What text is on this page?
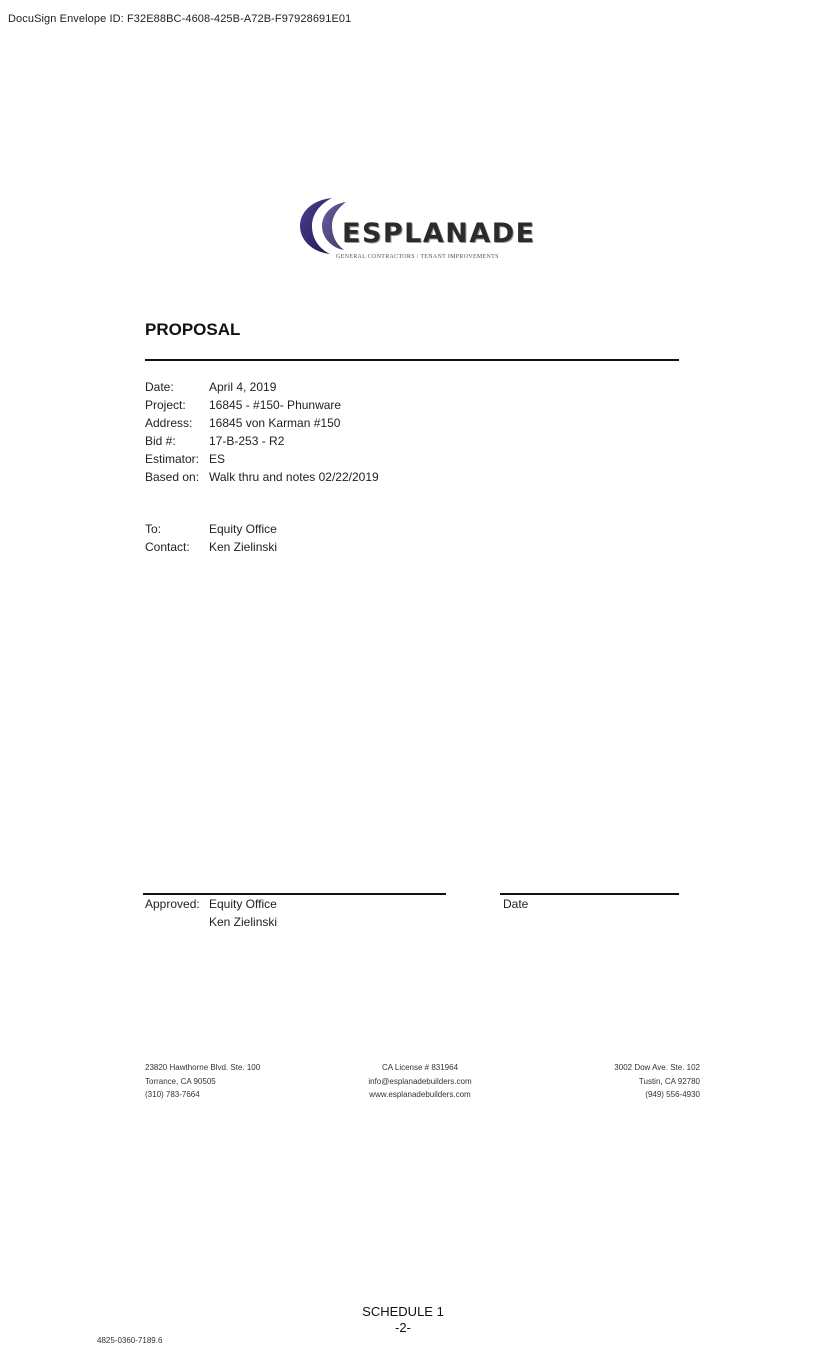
DocuSign Envelope ID: F32E88BC-4608-425B-A72B-F97928691E01
ESPLANADE
GENERAL CONTRACTORS / TENANT IMPROVEMENTS
PROPOSAL
Date:	April 4, 2019
Project: 16845 - #150- Phunware
Address: 16845 von Karman #150
Bid #:	17-B-253 - R2
Estimator: ES
Based on: Walk thru and notes 02/22/2019
To:	Equity Office
Contact: Ken Zielinski
Approved: Equity Office
Ken Zielinski
Date
23820 Hawthorne Blvd. Ste. 100
Torrance, CA 90505
(310) 783-7664
CA License # 831964
info@esplanadebuilders.com
www.esplanadebuilders.com
3002 Dow Ave. Ste. 102
Tustin, CA 92780
(949) 556-4930
SCHEDULE 1
-2-
4825-0360-7189.6
